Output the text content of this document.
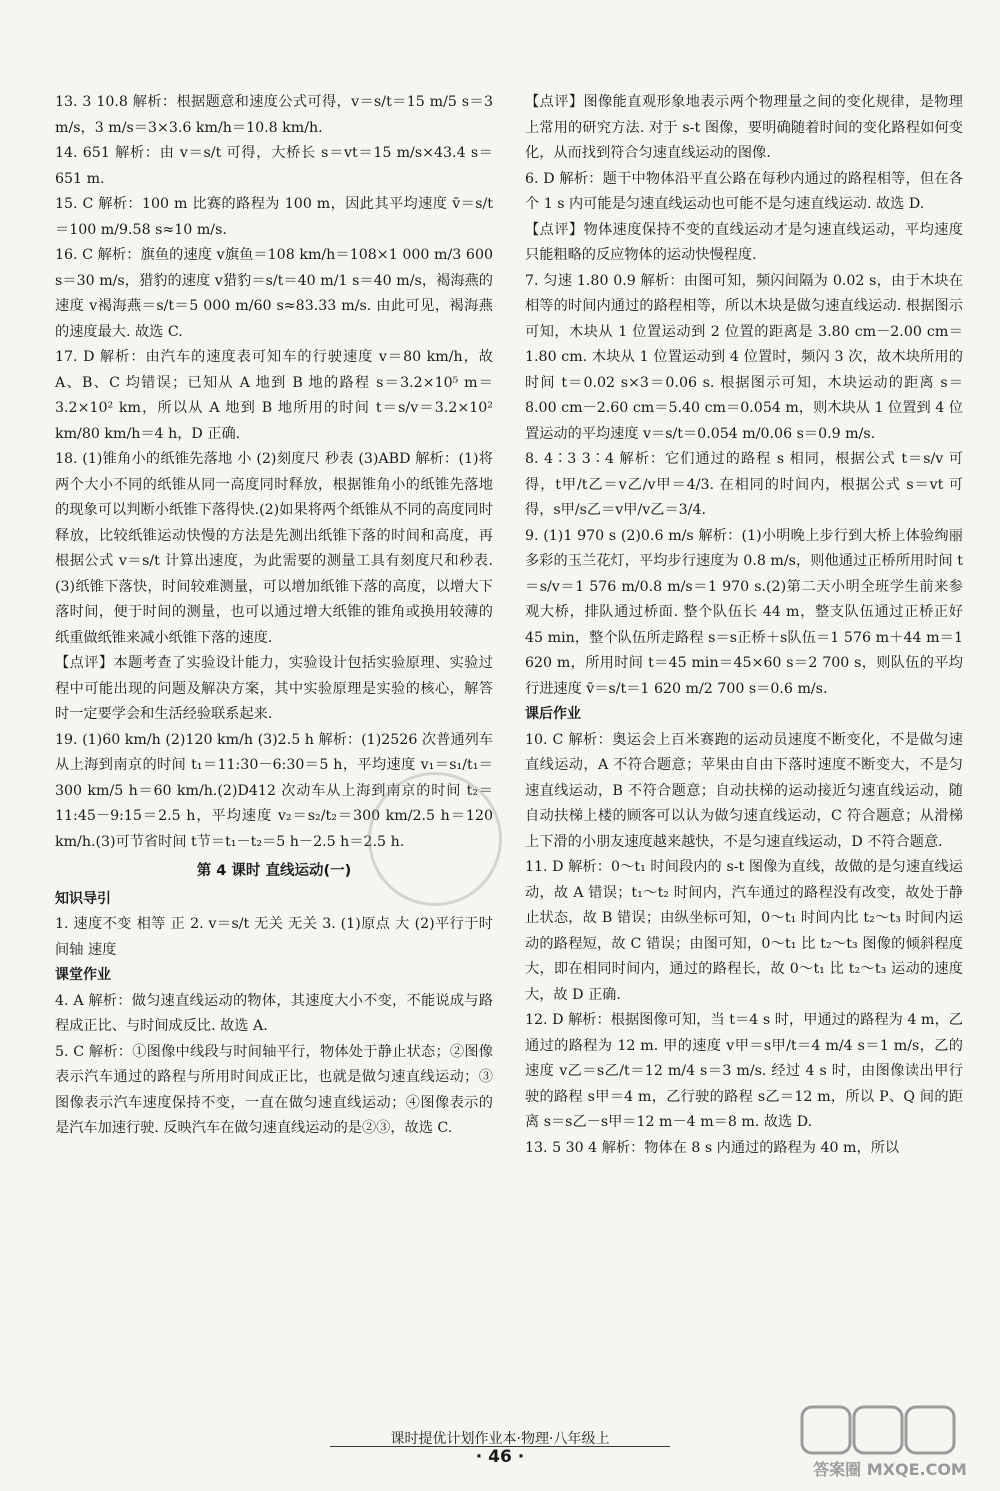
13. 3 10.8 解析：根据题意和速度公式可得，v＝s/t＝15 m/5 s＝3 m/s，3 m/s＝3×3.6 km/h＝10.8 km/h.

14. 651 解析：由 v＝s/t 可得，大桥长 s＝vt＝15 m/s×43.4 s＝651 m.

15. C 解析：100 m 比赛的路程为 100 m，因此其平均速度 v̄＝s/t＝100 m/9.58 s≈10 m/s.

16. C 解析：旗鱼的速度 v旗鱼＝108 km/h＝108×1 000 m/3 600 s＝30 m/s，猎豹的速度 v猎豹＝s/t＝40 m/1 s＝40 m/s，褐海燕的速度 v褐海燕＝s/t＝5 000 m/60 s≈83.33 m/s. 由此可见，褐海燕的速度最大. 故选 C.

17. D 解析：由汽车的速度表可知车的行驶速度 v＝80 km/h，故 A、B、C 均错误；已知从 A 地到 B 地的路程 s＝3.2×10⁵ m＝3.2×10² km，所以从 A 地到 B 地所用的时间 t＝s/v＝3.2×10² km/80 km/h＝4 h，D 正确.

18. (1)锥角小的纸锥先落地 小 (2)刻度尺 秒表 (3)ABD 解析：(1)将两个大小不同的纸锥从同一高度同时释放，根据锥角小的纸锥先落地的现象可以判断小纸锥下落得快.(2)如果将两个纸锥从不同的高度同时释放，比较纸锥运动快慢的方法是先测出纸锥下落的时间和高度，再根据公式 v＝s/t 计算出速度，为此需要的测量工具有刻度尺和秒表.(3)纸锥下落快，时间较难测量，可以增加纸锥下落的高度，以增大下落时间，便于时间的测量，也可以通过增大纸锥的锥角或换用较薄的纸重做纸锥来减小纸锥下落的速度.

【点评】本题考查了实验设计能力，实验设计包括实验原理、实验过程中可能出现的问题及解决方案，其中实验原理是实验的核心，解答时一定要学会和生活经验联系起来.

19. (1)60 km/h (2)120 km/h (3)2.5 h 解析：(1)2526 次普通列车从上海到南京的时间 t₁＝11:30－6:30＝5 h，平均速度 v₁＝s₁/t₁＝300 km/5 h＝60 km/h.(2)D412 次动车从上海到南京的时间 t₂＝11:45－9:15＝2.5 h，平均速度 v₂＝s₂/t₂＝300 km/2.5 h＝120 km/h.(3)可节省时间 t节＝t₁－t₂＝5 h－2.5 h＝2.5 h.

第 4 课时 直线运动(一)

知识导引

1. 速度不变 相等 正 2. v＝s/t 无关 无关 3. (1)原点 大 (2)平行于时间轴 速度

课堂作业

4. A 解析：做匀速直线运动的物体，其速度大小不变，不能说成与路程成正比、与时间成反比. 故选 A.

5. C 解析：①图像中线段与时间轴平行，物体处于静止状态；②图像表示汽车通过的路程与所用时间成正比，也就是做匀速直线运动；③图像表示汽车速度保持不变，一直在做匀速直线运动；④图像表示的是汽车加速行驶. 反映汽车在做匀速直线运动的是②③，故选 C.

【点评】图像能直观形象地表示两个物理量之间的变化规律，是物理上常用的研究方法. 对于 s-t 图像，要明确随着时间的变化路程如何变化，从而找到符合匀速直线运动的图像.

6. D 解析：题干中物体沿平直公路在每秒内通过的路程相等，但在各个 1 s 内可能是匀速直线运动也可能不是匀速直线运动. 故选 D.

【点评】物体速度保持不变的直线运动才是匀速直线运动，平均速度只能粗略的反应物体的运动快慢程度.

7. 匀速 1.80 0.9 解析：由图可知，频闪间隔为 0.02 s，由于木块在相等的时间内通过的路程相等，所以木块是做匀速直线运动. 根据图示可知，木块从 1 位置运动到 2 位置的距离是 3.80 cm－2.00 cm＝1.80 cm. 木块从 1 位置运动到 4 位置时，频闪 3 次，故木块所用的时间 t＝0.02 s×3＝0.06 s. 根据图示可知，木块运动的距离 s＝8.00 cm－2.60 cm＝5.40 cm＝0.054 m，则木块从 1 位置到 4 位置运动的平均速度 v＝s/t＝0.054 m/0.06 s＝0.9 m/s.

8. 4∶3 3∶4 解析：它们通过的路程 s 相同，根据公式 t＝s/v 可得，t甲/t乙＝v乙/v甲＝4/3. 在相同的时间内，根据公式 s＝vt 可得，s甲/s乙＝v甲/v乙＝3/4.

9. (1)1 970 s (2)0.6 m/s 解析：(1)小明晚上步行到大桥上体验绚丽多彩的玉兰花灯，平均步行速度为 0.8 m/s，则他通过正桥所用时间 t＝s/v＝1 576 m/0.8 m/s＝1 970 s.(2)第二天小明全班学生前来参观大桥，排队通过桥面. 整个队伍长 44 m，整支队伍通过正桥正好 45 min，整个队伍所走路程 s＝s正桥＋s队伍＝1 576 m＋44 m＝1 620 m，所用时间 t＝45 min＝45×60 s＝2 700 s，则队伍的平均行进速度 v̄＝s/t＝1 620 m/2 700 s＝0.6 m/s.

课后作业

10. C 解析：奥运会上百米赛跑的运动员速度不断变化，不是做匀速直线运动，A 不符合题意；苹果由自由下落时速度不断变大，不是匀速直线运动，B 不符合题意；自动扶梯的运动接近匀速直线运动，随自动扶梯上楼的顾客可以认为做匀速直线运动，C 符合题意；从滑梯上下滑的小朋友速度越来越快，不是匀速直线运动，D 不符合题意.

11. D 解析：0～t₁ 时间段内的 s-t 图像为直线，故做的是匀速直线运动，故 A 错误；t₁～t₂ 时间内，汽车通过的路程没有改变，故处于静止状态，故 B 错误；由纵坐标可知，0～t₁ 时间内比 t₂～t₃ 时间内运动的路程短，故 C 错误；由图可知，0～t₁ 比 t₂～t₃ 图像的倾斜程度大，即在相同时间内，通过的路程长，故 0～t₁ 比 t₂～t₃ 运动的速度大，故 D 正确.

12. D 解析：根据图像可知，当 t＝4 s 时，甲通过的路程为 4 m，乙通过的路程为 12 m. 甲的速度 v甲＝s甲/t＝4 m/4 s＝1 m/s，乙的速度 v乙＝s乙/t＝12 m/4 s＝3 m/s. 经过 4 s 时，由图像读出甲行驶的路程 s甲＝4 m，乙行驶的路程 s乙＝12 m，所以 P、Q 间的距离 s＝s乙－s甲＝12 m－4 m＝8 m. 故选 D.

13. 5 30 4 解析：物体在 8 s 内通过的路程为 40 m，所以

课时提优计划作业本·物理·八年级上
· 46 ·
答案圈 MXQE.COM
